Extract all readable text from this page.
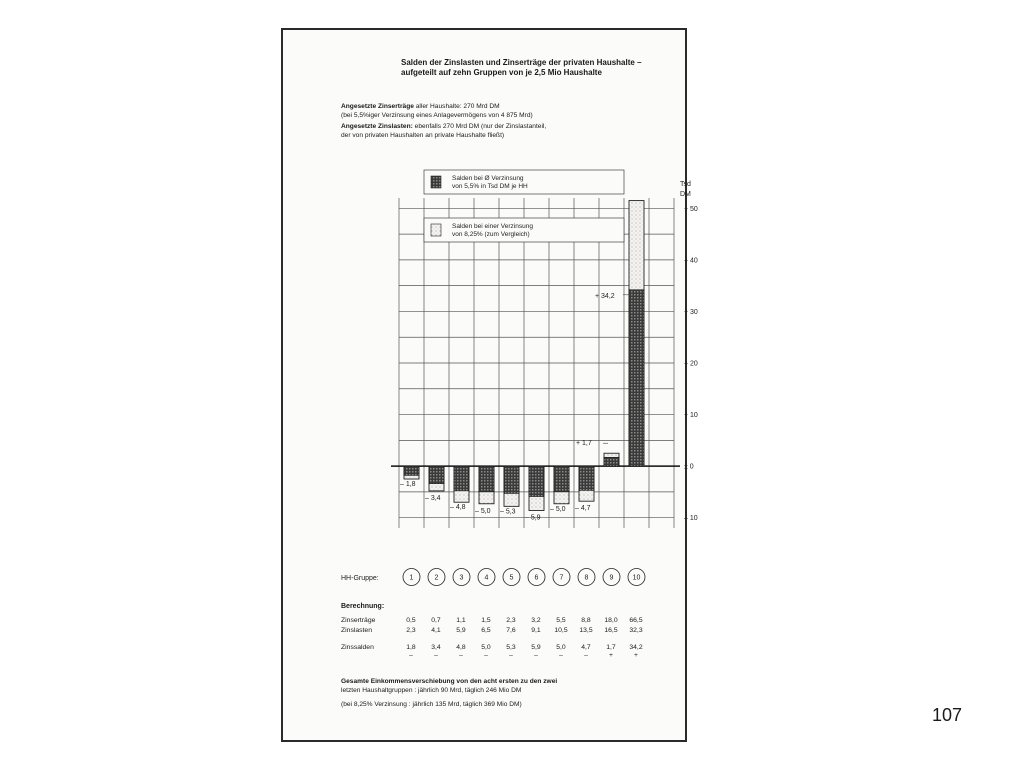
Salden der Zinslasten und Zinserträge der privaten Haushalte –
aufgeteilt auf zehn Gruppen von je 2,5 Mio Haushalte
Angesetzte Zinserträge aller Haushalte: 270 Mrd DM
(bei 5,5%iger Verzinsung eines Anlagevermögens von 4 875 Mrd)
Angesetzte Zinslasten: ebenfalls 270 Mrd DM (nur der Zinslastanteil,
der von privaten Haushalten an private Haushalte fließt)
+ 50
+ 40
+ 30
+ 20
+ 10
± 0
– 10
Tsd
DM
– 1,8
– 3,4
– 4,8
– 5,0 – 5,3
– 5,9
– 5,0 – 4,7
+ 1,7
+ 34,2
Salden bei Ø Verzinsung
von 5,5% in Tsd DM je HH
Salden bei einer Verzinsung
von 8,25% (zum Vergleich)
HH-Gruppe:	1	2	3	4	5	6	7	8	9	10
Berechnung:
Zinserträge	0,5	0,7	1,1	1,5	2,3	3,2	5,5	8,8	18,0	66,5
Zinslasten	2,3	4,1	5,9	6,5	7,6	9,1	10,5	13,5	16,5	32,3
Zinssalden	1,8	3,4	4,8	5,0	5,3	5,9	5,0	4,7	1,7	34,2
–	–	–	–	–	–	–	–	+	+
Gesamte Einkommensverschiebung von den acht ersten zu den zwei
letzten Haushaltgruppen : jährlich 90 Mrd, täglich 246 Mio DM
(bei 8,25% Verzinsung : jährlich 135 Mrd, täglich 369 Mio DM)
107
